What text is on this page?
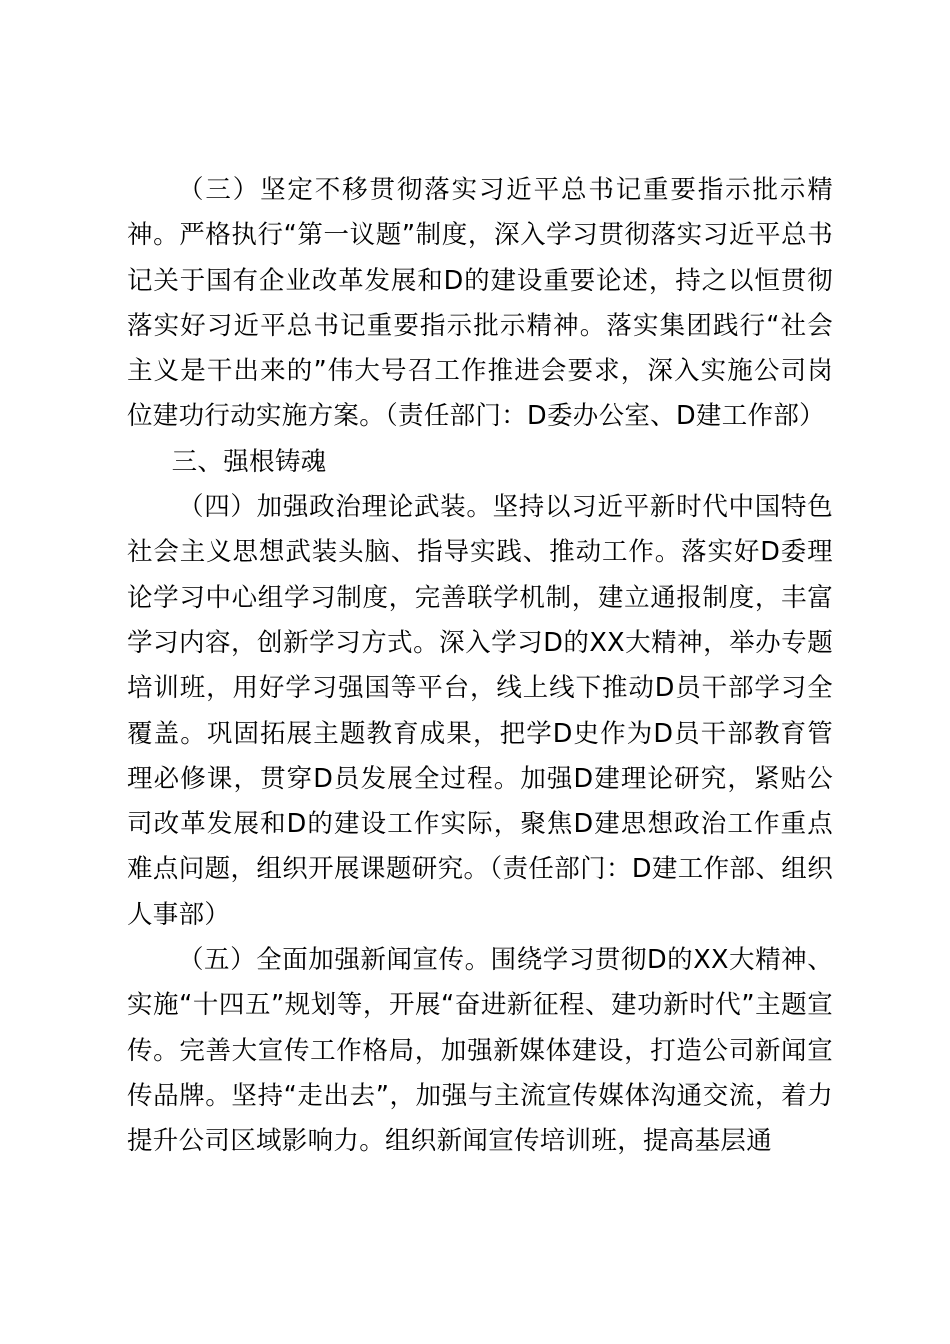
（三）坚定不移贯彻落实习近平总书记重要指示批示精神。严格执行“第一议题”制度，深入学习贯彻落实习近平总书记关于国有企业改革发展和D的建设重要论述，持之以恒贯彻落实好习近平总书记重要指示批示精神。落实集团践行“社会主义是干出来的”伟大号召工作推进会要求，深入实施公司岗位建功行动实施方案。（责任部门：D委办公室、D建工作部）

三、强根铸魂

（四）加强政治理论武装。坚持以习近平新时代中国特色社会主义思想武装头脑、指导实践、推动工作。落实好D委理论学习中心组学习制度，完善联学机制，建立通报制度，丰富学习内容，创新学习方式。深入学习D的XX大精神，举办专题培训班，用好学习强国等平台，线上线下推动D员干部学习全覆盖。巩固拓展主题教育成果，把学D史作为D员干部教育管理必修课，贯穿D员发展全过程。加强D建理论研究，紧贴公司改革发展和D的建设工作实际，聚焦D建思想政治工作重点难点问题，组织开展课题研究。（责任部门：D建工作部、组织人事部）

（五）全面加强新闻宣传。围绕学习贯彻D的XX大精神、实施“十四五”规划等，开展“奋进新征程、建功新时代”主题宣传。完善大宣传工作格局，加强新媒体建设，打造公司新闻宣传品牌。坚持“走出去”，加强与主流宣传媒体沟通交流，着力提升公司区域影响力。组织新闻宣传培训班，提高基层通
